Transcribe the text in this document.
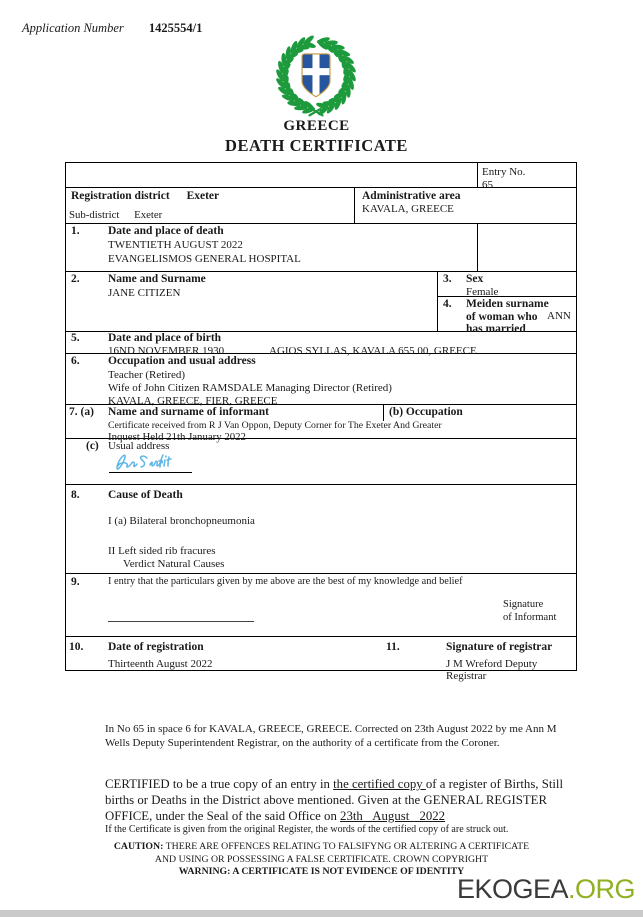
Application Number 1425554/1
GREECE
DEATH CERTIFICATE
Entry No.
65
Registration district Exeter
Sub-district Exeter
Administrative area
KAVALA, GREECE
1. Date and place of death
TWENTIETH AUGUST 2022
EVANGELISMOS GENERAL HOSPITAL
2. Name and Surname
JANE CITIZEN
3. Sex
Female
4. Meiden surname
of woman who
has married
ANN
5. Date and place of birth
16ND NOVEMBER 1930	AGIOS SYLLAS, KAVALA 655 00, GREECE
6. Occupation and usual address
Teacher (Retired)
Wife of John Citizen RAMSDALE Managing Director (Retired)
KAVALA, GREECE, FIER, GREECE
7. (a) Name and surname of informant	(b) Occupation
Certificate received from R J Van Oppon, Deputy Corner for The Exeter And Greater
Inquest Held 21th January 2022
(c) Usual address
8. Cause of Death
I (a) Bilateral bronchopneumonia
II Left sided rib fracures
Verdict Natural Causes
9.	I entry that the particulars given by me above are the best of my knowledge and belief
Signature
of Informant
10. Date of registration
Thirteenth August 2022
11.	Signature of registrar
J M Wreford Deputy Registrar
In No 65 in space 6 for KAVALA, GREECE, GREECE. Corrected on 23th August 2022 by me Ann M Wells Deputy Superintendent Registrar, on the authority of a certificate from the Coroner.
CERTIFIED to be a true copy of an entry in the certified copy of a register of Births, Still births or Deaths in the District above mentioned. Given at the GENERAL REGISTER OFFICE, under the Seal of the said Office on 23th August 2022
If the Certificate is given from the original Register, the words of the certified copy of are struck out.
CAUTION: THERE ARE OFFENCES RELATING TO FALSIFYNG OR ALTERING A CERTIFICATE
AND USING OR POSSESSING A FALSE CERTIFICATE. CROWN COPYRIGHT
WARNING: A CERTIFICATE IS NOT EVIDENCE OF IDENTITY
EKOGEA.ORG
